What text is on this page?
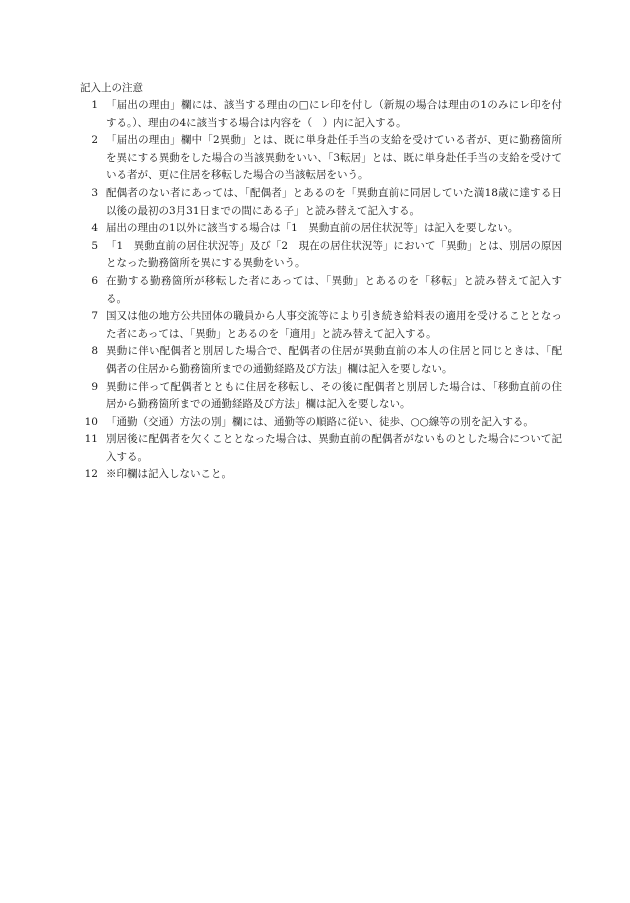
記入上の注意
1 「届出の理由」欄には、該当する理由の□にレ印を付し（新規の場合は理由の1のみにレ印を付する。）、理由の4に該当する場合は内容を（　）内に記入する。
2 「届出の理由」欄中「2異動」とは、既に単身赴任手当の支給を受けている者が、更に勤務箇所を異にする異動をした場合の当該異動をいい、「3転居」とは、既に単身赴任手当の支給を受けている者が、更に住居を移転した場合の当該転居をいう。
3 配偶者のない者にあっては、「配偶者」とあるのを「異動直前に同居していた満18歳に達する日以後の最初の3月31日までの間にある子」と読み替えて記入する。
4 届出の理由の1以外に該当する場合は「1　異動直前の居住状況等」は記入を要しない。
5 「1　異動直前の居住状況等」及び「2　現在の居住状況等」において「異動」とは、別居の原因となった勤務箇所を異にする異動をいう。
6 在勤する勤務箇所が移転した者にあっては、「異動」とあるのを「移転」と読み替えて記入する。
7 国又は他の地方公共団体の職員から人事交流等により引き続き給料表の適用を受けることとなった者にあっては、「異動」とあるのを「適用」と読み替えて記入する。
8 異動に伴い配偶者と別居した場合で、配偶者の住居が異動直前の本人の住居と同じときは、「配偶者の住居から勤務箇所までの通勤経路及び方法」欄は記入を要しない。
9 異動に伴って配偶者とともに住居を移転し、その後に配偶者と別居した場合は、「移動直前の住居から勤務箇所までの通勤経路及び方法」欄は記入を要しない。
10 「通勤（交通）方法の別」欄には、通勤等の順路に従い、徒歩、○○線等の別を記入する。
11 別居後に配偶者を欠くこととなった場合は、異動直前の配偶者がないものとした場合について記入する。
12 ※印欄は記入しないこと。
